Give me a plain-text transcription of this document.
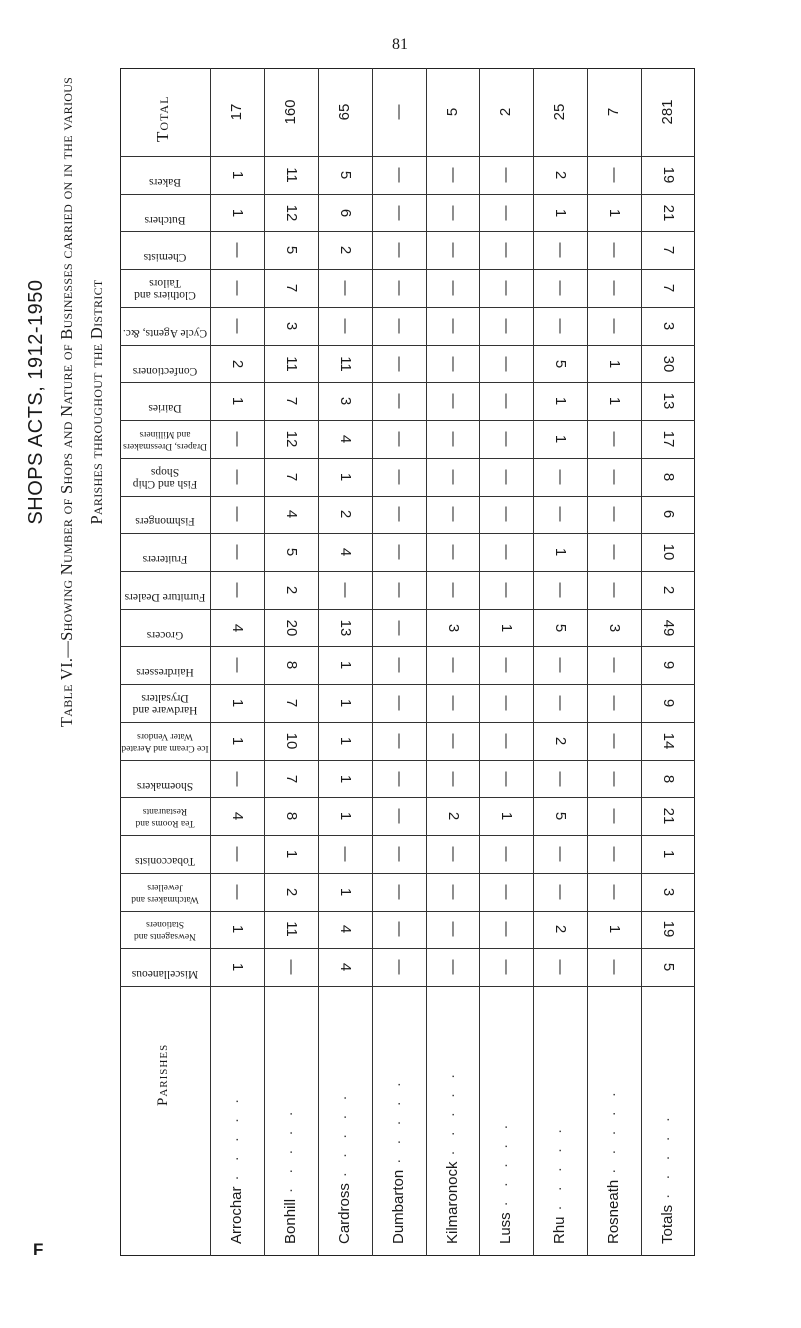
81
SHOPS ACTS, 1912-1950 Table VI.—Showing Number of Shops and Nature of Businesses carried on in the various Parishes throughout the District
Total
Parishes
Bakers
Butchers
Chemists
Clothiers and Tailors
Cycle Agents, &c.
Confectioners
Dairies
Drapers, Dressmakers and Milliners
Fish and Chip Shops
Fishmongers
Fruiterers
Furniture Dealers
Grocers
Hairdressers
Hardware and Drysalters
Ice Cream and Aerated Water Vendors
Shoemakers
Tea Rooms and Restaurants
Tobacconists
Watchmakers and Jewellers
Newsagents and Stationers
Miscellaneous
17
1
1
—
—
—
2
1
—
—
—
—
—
4
—
1
1
—
4
—
—
1
1
Arrochar· · · · ·
160
11
12
5
7
3
11
7
12
7
4
5
2
20
8
7
10
7
8
1
2
11
—
Bonhill· · · · ·
65
5
6
2
—
—
11
3
4
1
2
4
—
13
1
1
1
1
1
—
1
4
4
Cardross· · · · ·
—
—
—
—
—
—
—
—
—
—
—
—
—
—
—
—
—
—
—
—
—
—
—
Dumbarton· · · · ·
5
—
—
—
—
—
—
—
—
—
—
—
—
3
—
—
—
—
2
—
—
—
—
Kilmaronock· · · · ·
2
—
—
—
—
—
—
—
—
—
—
—
—
1
—
—
—
—
1
—
—
—
—
Luss· · · · ·
25
2
1
—
—
—
5
1
1
—
—
1
—
5
—
—
2
—
5
—
—
2
—
Rhu· · · · ·
7
—
1
—
—
—
1
1
—
—
—
—
—
3
—
—
—
—
—
—
—
1
—
Rosneath· · · · ·
281
19
21
7
7
3
30
13
17
8
6
10
2
49
9
9
14
8
21
1
3
19
5
Totals· · · · ·
F
